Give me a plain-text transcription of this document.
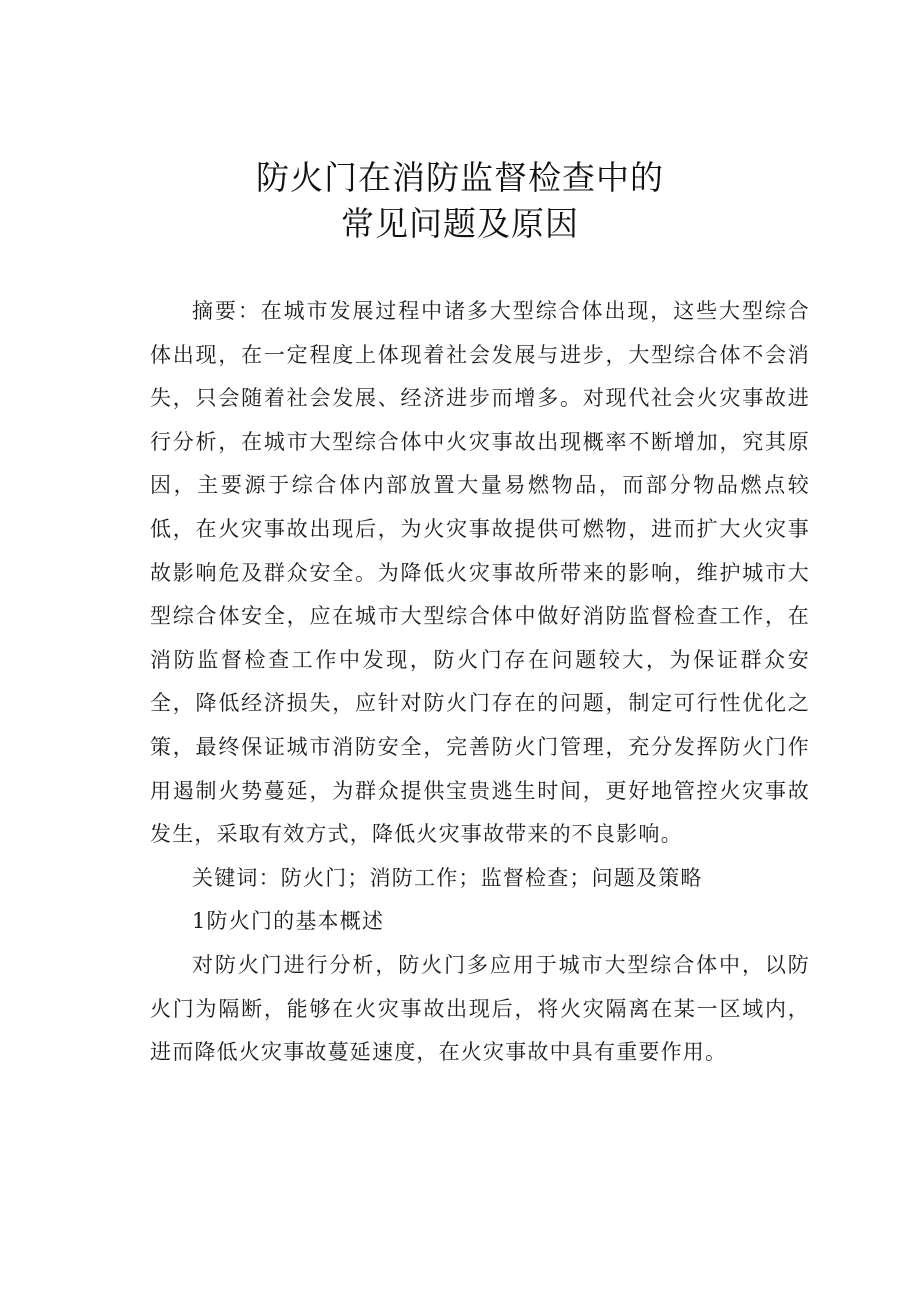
防火门在消防监督检查中的
常见问题及原因

摘要：在城市发展过程中诸多大型综合体出现，这些大型综合体出现，在一定程度上体现着社会发展与进步，大型综合体不会消失，只会随着社会发展、经济进步而增多。对现代社会火灾事故进行分析，在城市大型综合体中火灾事故出现概率不断增加，究其原因，主要源于综合体内部放置大量易燃物品，而部分物品燃点较低，在火灾事故出现后，为火灾事故提供可燃物，进而扩大火灾事故影响危及群众安全。为降低火灾事故所带来的影响，维护城市大型综合体安全，应在城市大型综合体中做好消防监督检查工作，在消防监督检查工作中发现，防火门存在问题较大，为保证群众安全，降低经济损失，应针对防火门存在的问题，制定可行性优化之策，最终保证城市消防安全，完善防火门管理，充分发挥防火门作用遏制火势蔓延，为群众提供宝贵逃生时间，更好地管控火灾事故发生，采取有效方式，降低火灾事故带来的不良影响。

关键词：防火门；消防工作；监督检查；问题及策略

1防火门的基本概述

对防火门进行分析，防火门多应用于城市大型综合体中，以防火门为隔断，能够在火灾事故出现后，将火灾隔离在某一区域内，进而降低火灾事故蔓延速度，在火灾事故中具有重要作用。
